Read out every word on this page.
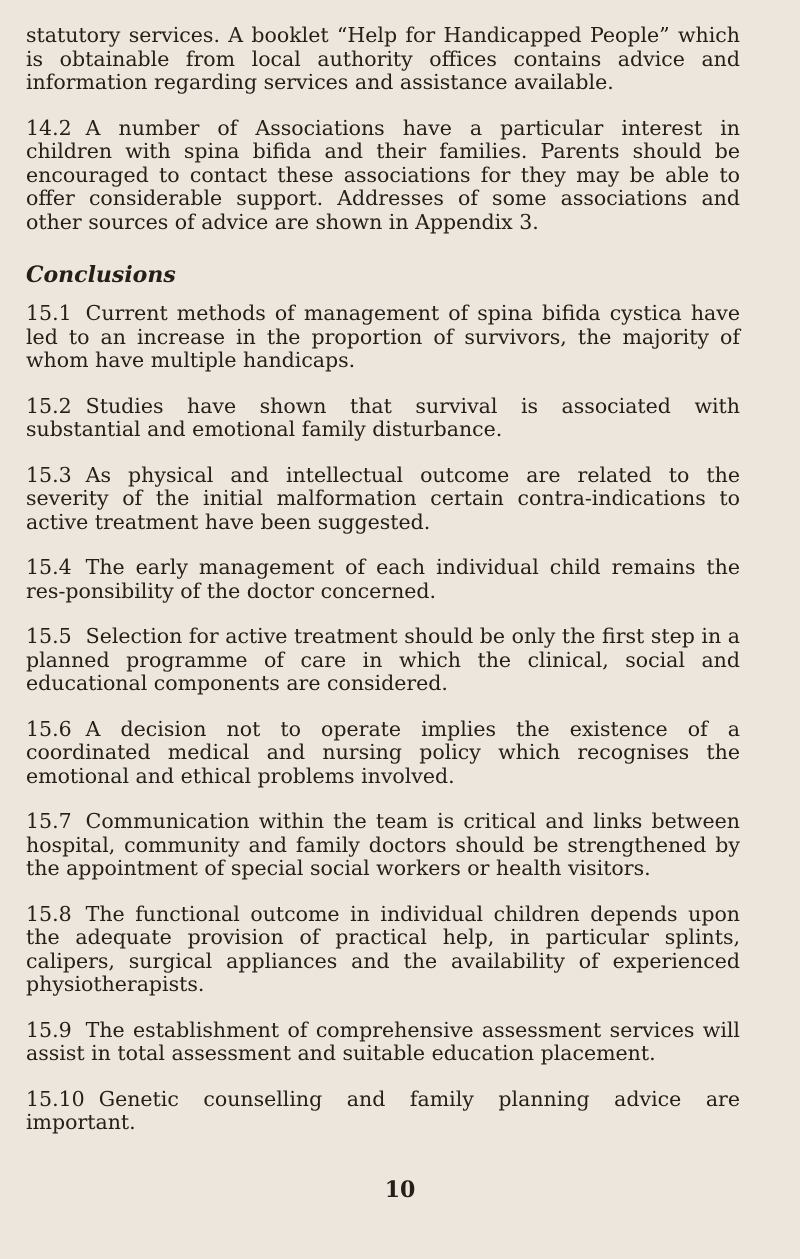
statutory services. A booklet “Help for Handicapped People” which is obtainable from local authority offices contains advice and information regarding services and assistance available.

14.2 A number of Associations have a particular interest in children with spina bifida and their families. Parents should be encouraged to contact these associations for they may be able to offer considerable support. Addresses of some associations and other sources of advice are shown in Appendix 3.

Conclusions

15.1 Current methods of management of spina bifida cystica have led to an increase in the proportion of survivors, the majority of whom have multiple handicaps.

15.2 Studies have shown that survival is associated with substantial and emotional family disturbance.

15.3 As physical and intellectual outcome are related to the severity of the initial malformation certain contra-indications to active treatment have been suggested.

15.4 The early management of each individual child remains the res-ponsibility of the doctor concerned.

15.5 Selection for active treatment should be only the first step in a planned programme of care in which the clinical, social and educational components are considered.

15.6 A decision not to operate implies the existence of a coordinated medical and nursing policy which recognises the emotional and ethical problems involved.

15.7 Communication within the team is critical and links between hospital, community and family doctors should be strengthened by the appointment of special social workers or health visitors.

15.8 The functional outcome in individual children depends upon the adequate provision of practical help, in particular splints, calipers, surgical appliances and the availability of experienced physiotherapists.

15.9 The establishment of comprehensive assessment services will assist in total assessment and suitable education placement.

15.10 Genetic counselling and family planning advice are important.

10
